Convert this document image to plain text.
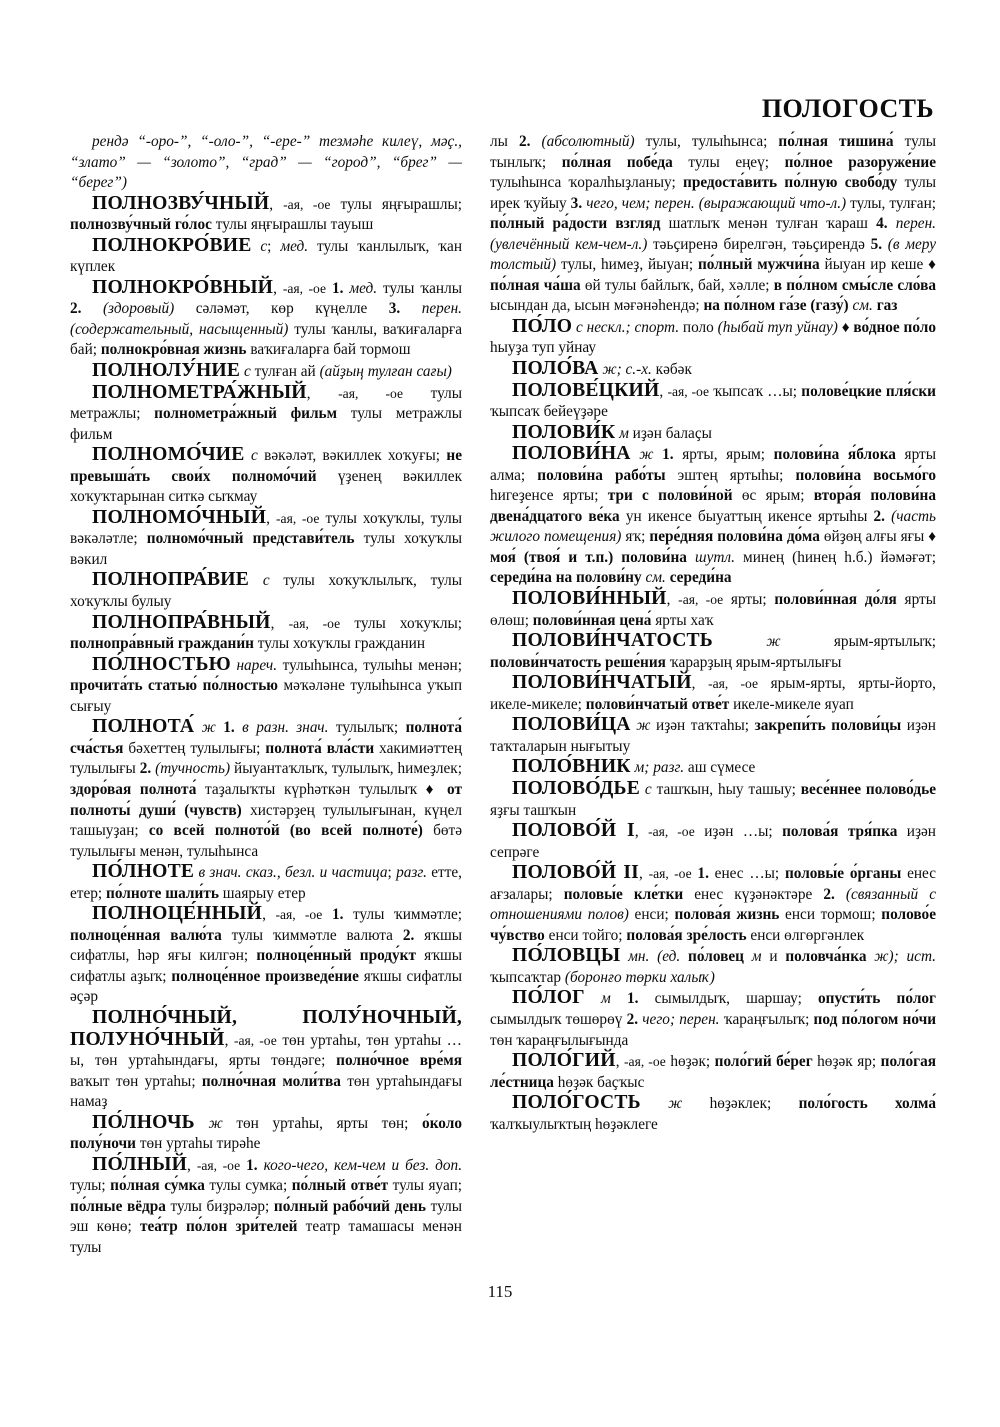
ПОЛОГОСТЬ

рендә “-оро-”, “-оло-”, “-ере-” тезмәһе килеү, мәҫ., “злато” — “золото”, “град” — “город”, “брег” — “берег”)

ПОЛНОЗВУ́ЧНЫЙ, -ая, -ое тулы яңғырашлы; полнозву́чный го́лос тулы яңғырашлы тауыш

ПОЛНОКРО́ВИЕ с; мед. тулы ҡанлылыҡ, ҡан күплек

ПОЛНОКРО́ВНЫЙ, -ая, -ое 1. мед. тулы ҡанлы 2. (здоровый) сәләмәт, көр күңелле 3. перен. (содержательный, насыщенный) тулы ҡанлы, ваҡиғаларға бай; полнокро́вная жизнь ваҡиғаларға бай тормош

ПОЛНОЛУ́НИЕ с тулған ай (айҙың тулған сағы)

ПОЛНОМЕТРА́ЖНЫЙ, -ая, -ое тулы метражлы; полнометра́жный фильм тулы метражлы фильм

ПОЛНОМО́ЧИЕ с вәкәләт, вәкиллек хоҡуғы; не превыша́ть свои́х полномо́чий үҙенең вәкиллек хоҡуҡтарынан ситкә сыҡмау

ПОЛНОМО́ЧНЫЙ, -ая, -ое тулы хоҡуҡлы, тулы вәкәләтле; полномо́чный представи́тель тулы хоҡуҡлы вәкил

ПОЛНОПРА́ВИЕ с тулы хоҡуҡлылыҡ, тулы хоҡуҡлы булыу

ПОЛНОПРА́ВНЫЙ, -ая, -ое тулы хоҡуҡлы; полнопра́вный граждани́н тулы хоҡуҡлы гражданин

ПО́ЛНОСТЬЮ нареч. тулыһынса, тулыһы менән; прочита́ть статью́ по́лностью мәҡәләне тулыһынса уҡып сығыу

ПОЛНОТА́ ж 1. в разн. знач. тулылыҡ; полнота́ сча́стья бәхеттең тулылығы; полнота́ вла́сти хакимиәттең тулылығы 2. (тучность) йыуантаҡлыҡ, тулылыҡ, һимеҙлек; здоро́вая полнота́ таҙалыҡты күрһәткән тулылыҡ ♦ от полноты́ души́ (чувств) хистәрҙең тулылығынан, күңел ташыуҙан; со всей полното́й (во всей полноте́) бөтә тулылығы менән, тулыһынса

ПО́ЛНОТЕ в знач. сказ., безл. и частица; разг. етте, етер; по́лноте шали́ть шаярыу етер

ПОЛНОЦЕ́ННЫЙ, -ая, -ое 1. тулы ҡиммәтле; полноце́нная валю́та тулы ҡиммәтле валюта 2. яҡшы сифатлы, һәр яғы килгән; полноце́нный проду́кт яҡшы сифатлы аҙыҡ; полноце́нное произведе́ние яҡшы сифатлы әҫәр

ПОЛНО́ЧНЫЙ, ПОЛУ́НОЧНЫЙ, ПОЛУНО́ЧНЫЙ, -ая, -ое төн уртаһы, төн уртаһы …ы, төн уртаһындағы, ярты төндәге; полно́чное вре́мя ваҡыт төн уртаһы; полно́чная моли́тва төн уртаһындағы намаҙ

ПО́ЛНОЧЬ ж төн уртаһы, ярты төн; о́коло полу́ночи төн уртаһы тирәһе

ПО́ЛНЫЙ, -ая, -ое 1. кого-чего, кем-чем и без. доп. тулы; по́лная су́мка тулы сумка; по́лный отве́т тулы яуап; по́лные вёдра тулы биҙрәләр; по́лный рабо́чий день тулы эш көнө; теа́тр по́лон зри́телей театр тамашасы менән тулы

лы 2. (абсолютный) тулы, тулыһынса; по́лная тишина́ тулы тынлыҡ; по́лная побе́да тулы еңеү; по́лное разоруже́ние тулыһынса ҡоралһыҙланыу; предоста́вить по́лную свобо́ду тулы ирек ҡуйыу 3. чего, чем; перен. (выражающий что-л.) тулы, тулған; по́лный ра́дости взгляд шатлыҡ менән тулған ҡараш 4. перен. (увлечённый кем-чем-л.) тәьҫиренә бирелгән, тәьҫирендә 5. (в меру толстый) тулы, һимеҙ, йыуан; по́лный мужчи́на йыуан ир кеше ♦ по́лная ча́ша өй тулы байлыҡ, бай, хәлле; в по́лном смы́сле сло́ва ысындан да, ысын мәғәнәһендә; на по́лном га́зе (газу́) см. газ

ПО́ЛО с нескл.; спорт. поло (һыбай туп уйнау) ♦ во́дное по́ло һыуҙа туп уйнау

ПОЛО́ВА ж; с.-х. кәбәк

ПОЛОВЕ́ЦКИЙ, -ая, -ое ҡыпсаҡ …ы; полове́цкие пля́ски ҡыпсаҡ бейеүҙәре

ПОЛОВИ́К м иҙән балаҫы

ПОЛОВИ́НА ж 1. ярты, ярым; полови́на я́блока ярты алма; полови́на рабо́ты эштең яртыһы; полови́на восьмо́го һигеҙенсе ярты; три с полови́ной өс ярым; втора́я полови́на двена́дцатого ве́ка ун икенсе быуаттың икенсе яртыһы 2. (часть жилого помещения) яҡ; пере́дняя полови́на до́ма өйҙөң алғы яғы ♦ моя́ (твоя́ и т.п.) полови́на шутл. минең (һинең һ.б.) йәмәғәт; середи́на на полови́ну см. середи́на

ПОЛОВИ́ННЫЙ, -ая, -ое ярты; полови́нная до́ля ярты өлөш; полови́нная цена́ ярты хаҡ

ПОЛОВИ́НЧАТОСТЬ	ж ярым-яртылыҡ; полови́нчатость реше́ния ҡарарҙың ярым-яртылығы

ПОЛОВИ́НЧАТЫЙ, -ая, -ое ярым-ярты, ярты-йорто, икеле-микеле; полови́нчатый отве́т икеле-микеле яуап

ПОЛОВИ́ЦА ж иҙән таҡтаһы; закрепи́ть полови́цы иҙән таҡталарын нығытыу

ПОЛО́ВНИК м; разг. аш сүмесе

ПОЛОВО́ДЬЕ с ташҡын, һыу ташыу; весе́ннее полово́дье яҙғы ташҡын

ПОЛОВО́Й I, -ая, -ое иҙән …ы; полова́я тря́пка иҙән сепрәге

ПОЛОВО́Й II, -ая, -ое 1. енес …ы; половы́е о́рганы енес ағзалары; половы́е кле́тки енес күҙәнәктәре 2. (связанный с отношениями полов) енси; полова́я жизнь енси тормош; полово́е чу́вство енси тойго; полова́я зре́лость енси өлгөргәнлек

ПО́ЛОВЦЫ мн. (ед. по́ловец м и половча́нка ж); ист. ҡыпсаҡтар (боронғо төрки халыҡ)

ПО́ЛОГ м 1. сымылдыҡ, шаршау; опусти́ть по́лог сымылдыҡ төшөрөү 2. чего; перен. ҡараңғылыҡ; под по́логом но́чи төн ҡараңғылығында

ПОЛО́ГИЙ, -ая, -ое һөҙәк; поло́гий бе́рег һөҙәк яр; поло́гая ле́стница һөҙәк баҫҡыс

ПОЛО́ГОСТЬ ж һөҙәклек; поло́гость холма́ ҡалҡыулыҡтың һөҙәклеге

115
